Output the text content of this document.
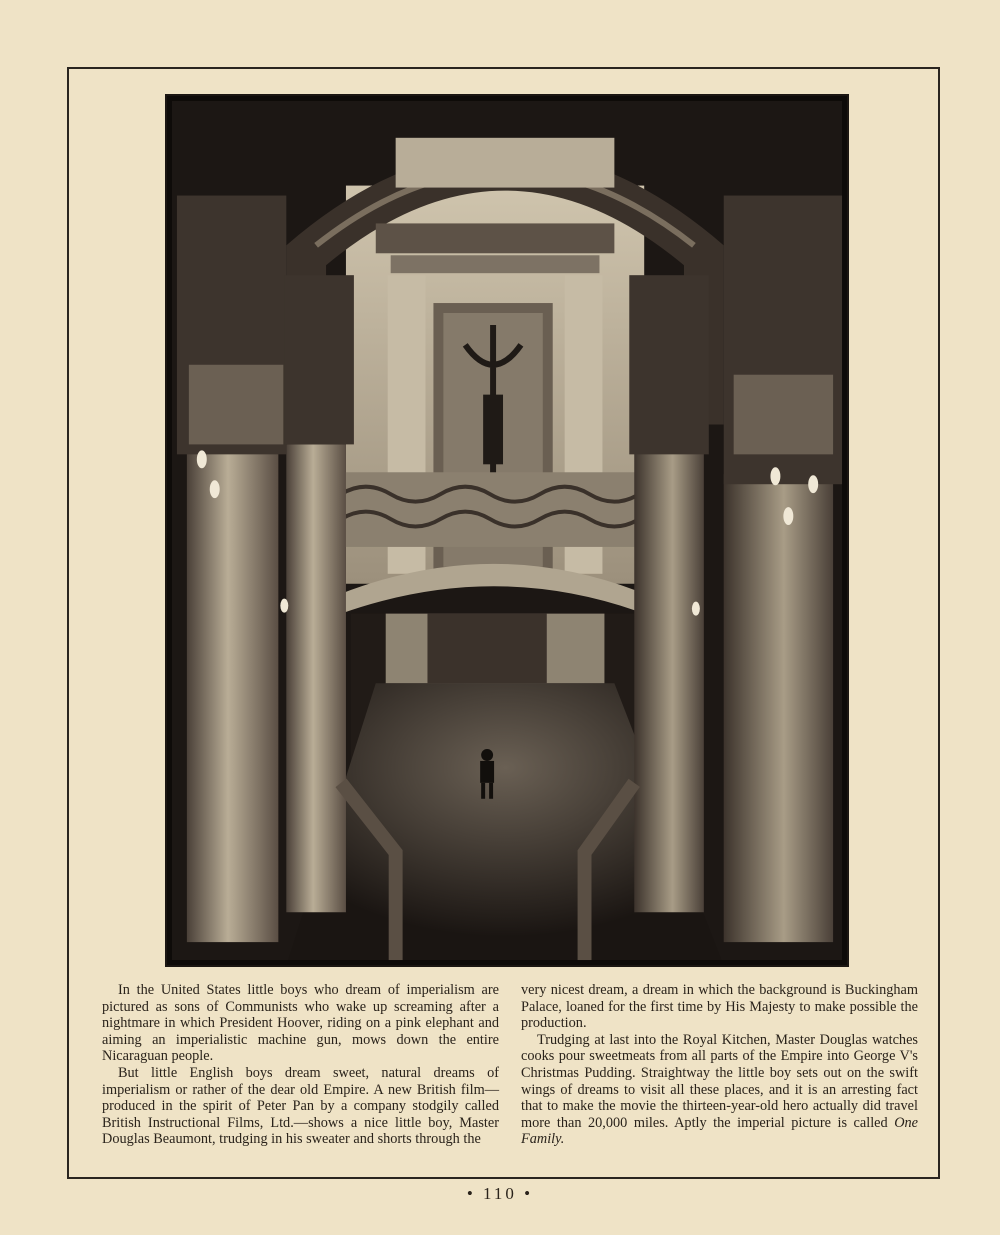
In the United States little boys who dream of imperialism are pictured as sons of Communists who wake up screaming after a nightmare in which President Hoover, riding on a pink elephant and aiming an imperialistic machine gun, mows down the entire Nicaraguan people.

But little English boys dream sweet, natural dreams of imperialism or rather of the dear old Empire. A new British film—produced in the spirit of Peter Pan by a company stodgily called British Instructional Films, Ltd.—shows a nice little boy, Master Douglas Beaumont, trudging in his sweater and shorts through the

very nicest dream, a dream in which the background is Buckingham Palace, loaned for the first time by His Majesty to make possible the production.

Trudging at last into the Royal Kitchen, Master Douglas watches cooks pour sweetmeats from all parts of the Empire into George V's Christmas Pudding. Straightway the little boy sets out on the swift wings of dreams to visit all these places, and it is an arresting fact that to make the movie the thirteen-year-old hero actually did travel more than 20,000 miles. Aptly the imperial picture is called One Family.

• 110 •
